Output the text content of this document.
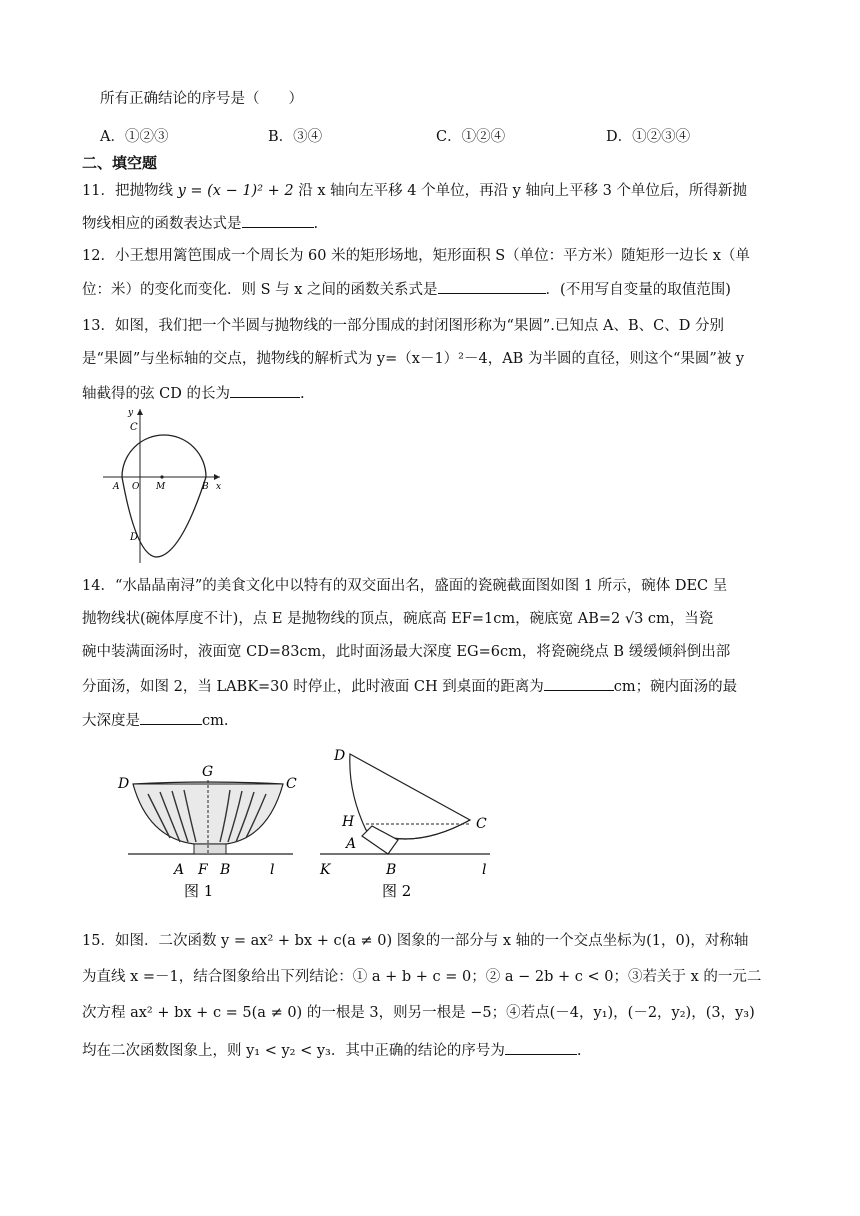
所有正确结论的序号是（　　）
A．①②③	B．③④	C．①②④	D．①②③④
二、填空题
11．把抛物线 y = (x − 1)² + 2 沿 x 轴向左平移 4 个单位，再沿 y 轴向上平移 3 个单位后，所得新抛
物线相应的函数表达式是	.
12．小王想用篱笆围成一个周长为 60 米的矩形场地，矩形面积 S（单位：平方米）随矩形一边长 x（单
位：米）的变化而变化．则 S 与 x 之间的函数关系式是	．(不用写自变量的取值范围)
13．如图，我们把一个半圆与抛物线的一部分围成的封闭图形称为“果圆”.已知点 A、B、C、D 分别
是“果圆”与坐标轴的交点，抛物线的解析式为 y=（x－1）²－4，AB 为半圆的直径，则这个“果圆”被 y
轴截得的弦 CD 的长为	.
C
y
x
A O M	B
D
14．“水晶晶南浔”的美食文化中以特有的双交面出名，盛面的瓷碗截面图如图 1 所示，碗体 DEC 呈
抛物线状(碗体厚度不计)，点 E 是抛物线的顶点，碗底高 EF=1cm，碗底宽 AB=2 √3 cm，当瓷
碗中装满面汤时，液面宽 CD=83cm，此时面汤最大深度 EG=6cm，将瓷碗绕点 B 缓缓倾斜倒出部
分面汤，如图 2，当 LABK=30 时停止，此时液面 CH 到桌面的距离为	cm；碗内面汤的最
大深度是	cm.
D
G
C
A F B	l
图 1
D
H	C
A
K	B	l
图 2
15．如图．二次函数 y = ax² + bx + c(a ≠ 0) 图象的一部分与 x 轴的一个交点坐标为(1，0)，对称轴
为直线 x =－1，结合图象给出下列结论：① a + b + c = 0；② a − 2b + c < 0；③若关于 x 的一元二
次方程 ax² + bx + c = 5(a ≠ 0) 的一根是 3，则另一根是 −5；④若点(－4，y₁)，(－2，y₂)，(3，y₃)
均在二次函数图象上，则 y₁ < y₂ < y₃．其中正确的结论的序号为	.
